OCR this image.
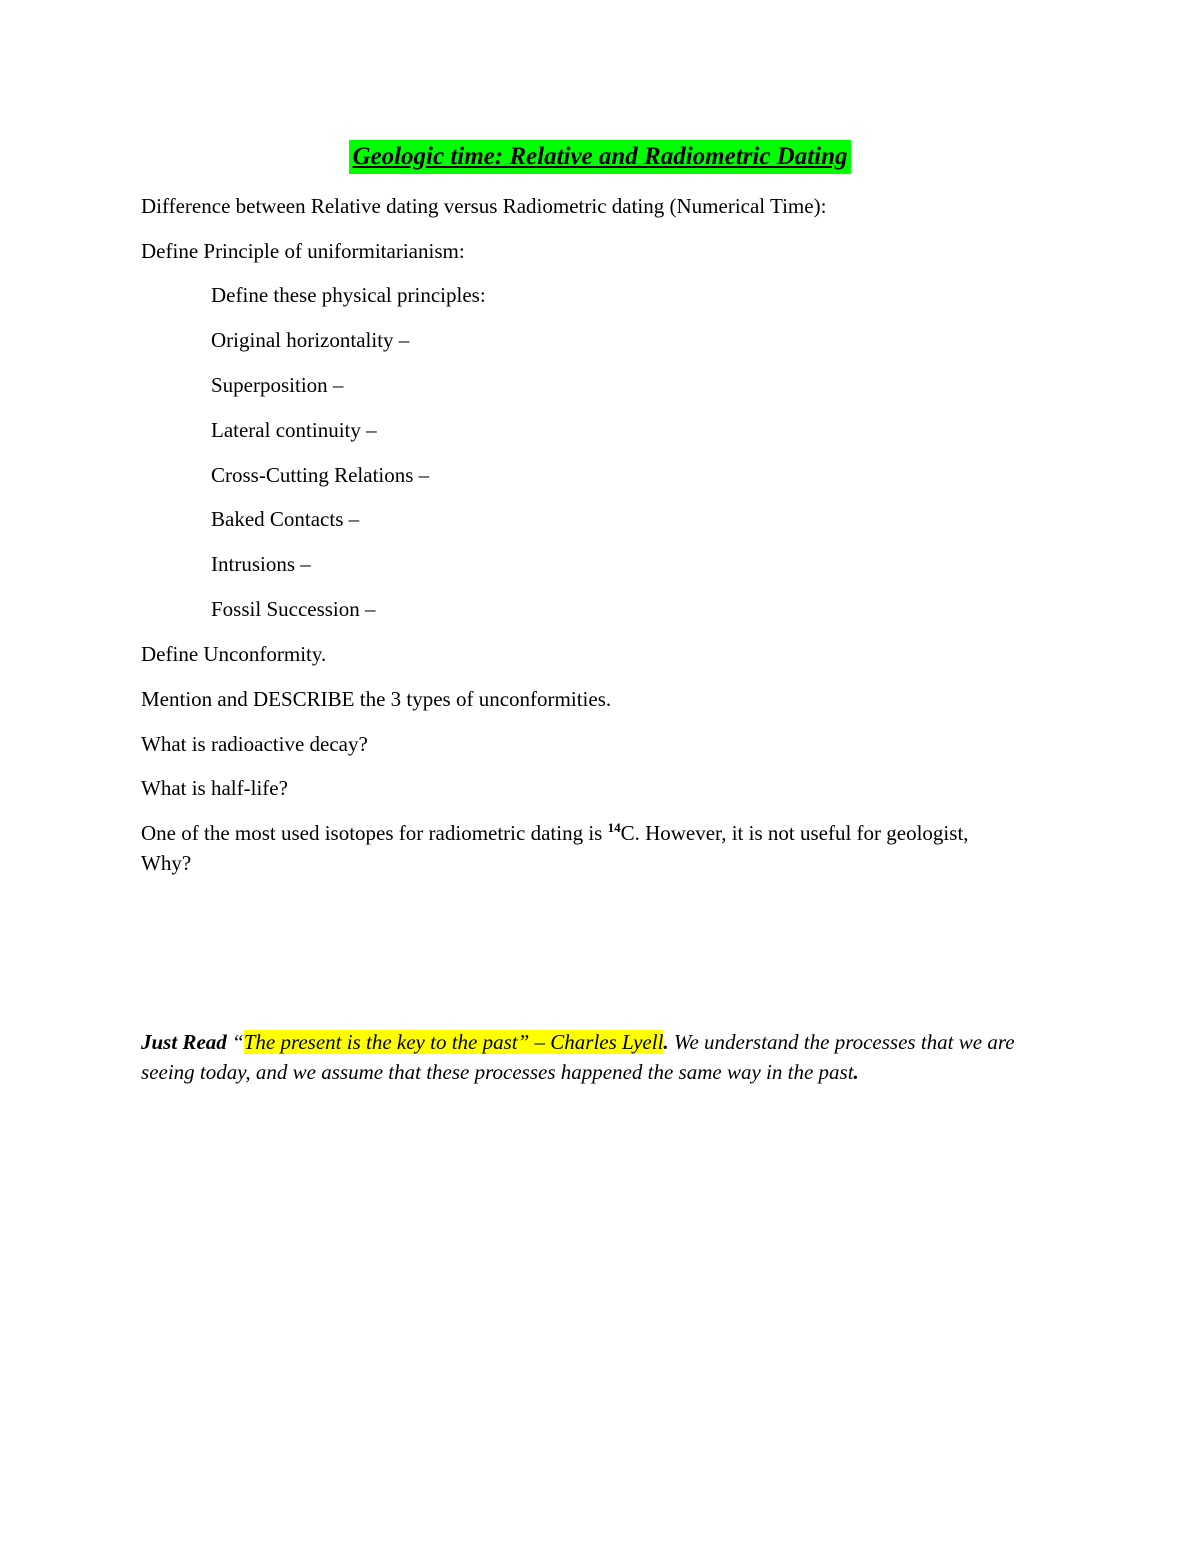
Geologic time: Relative and Radiometric Dating
Difference between Relative dating versus Radiometric dating (Numerical Time):
Define Principle of uniformitarianism:
Define these physical principles:
Original horizontality –
Superposition –
Lateral continuity –
Cross-Cutting Relations –
Baked Contacts –
Intrusions –
Fossil Succession –
Define Unconformity.
Mention and DESCRIBE the 3 types of unconformities.
What is radioactive decay?
What is half-life?
One of the most used isotopes for radiometric dating is $^{14}$C. However, it is not useful for geologist, Why?
Just Read “The present is the key to the past” – Charles Lyell. We understand the processes that we are seeing today, and we assume that these processes happened the same way in the past.
